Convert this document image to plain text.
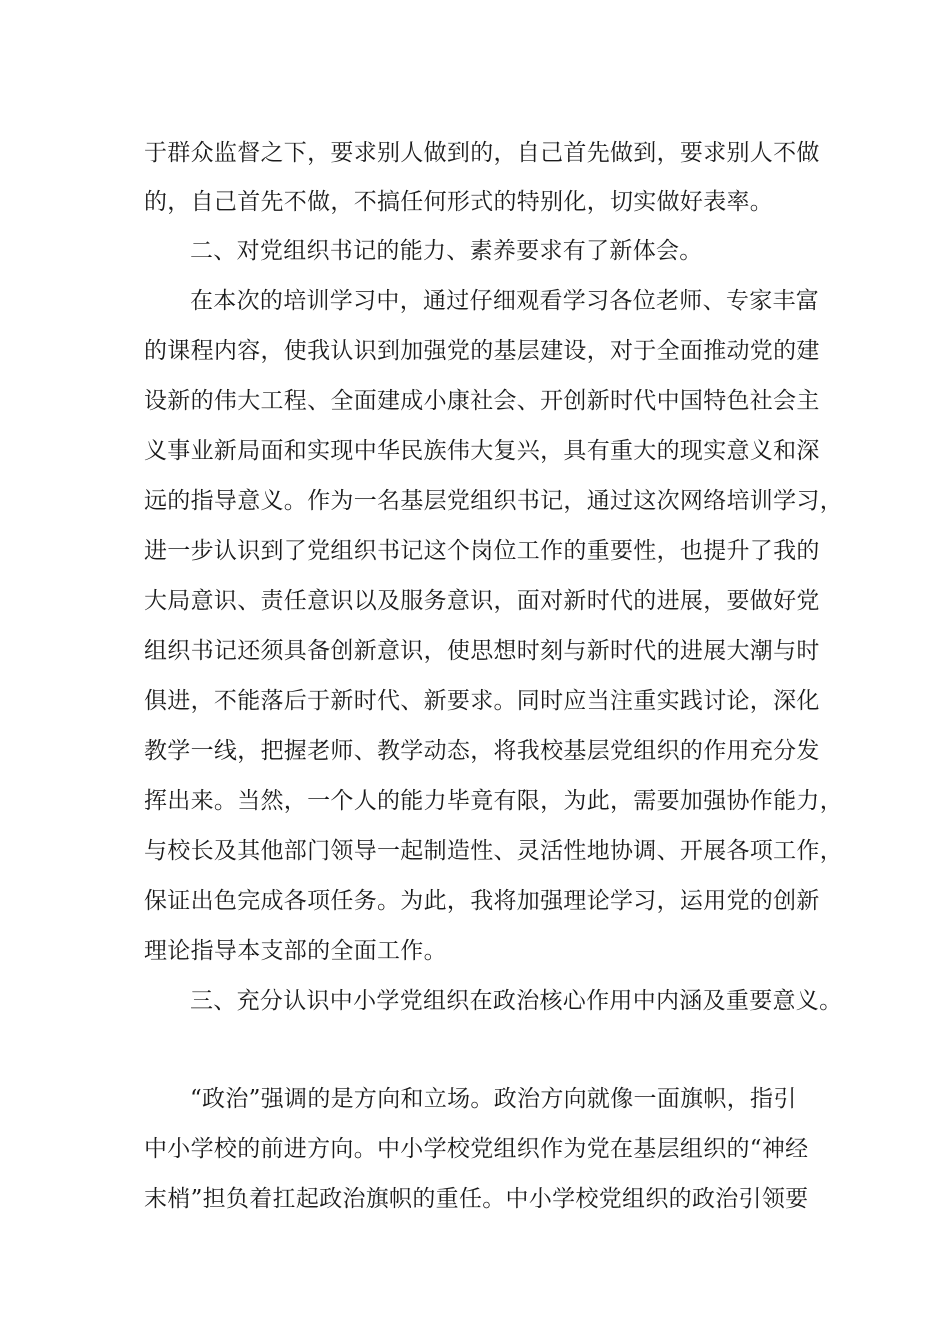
于群众监督之下，要求别人做到的，自己首先做到，要求别人不做
的，自己首先不做，不搞任何形式的特别化，切实做好表率。
二、对党组织书记的能力、素养要求有了新体会。
在本次的培训学习中，通过仔细观看学习各位老师、专家丰富
的课程内容，使我认识到加强党的基层建设，对于全面推动党的建
设新的伟大工程、全面建成小康社会、开创新时代中国特色社会主
义事业新局面和实现中华民族伟大复兴，具有重大的现实意义和深
远的指导意义。作为一名基层党组织书记，通过这次网络培训学习，
进一步认识到了党组织书记这个岗位工作的重要性，也提升了我的
大局意识、责任意识以及服务意识，面对新时代的进展，要做好党
组织书记还须具备创新意识，使思想时刻与新时代的进展大潮与时
俱进，不能落后于新时代、新要求。同时应当注重实践讨论，深化
教学一线，把握老师、教学动态，将我校基层党组织的作用充分发
挥出来。当然，一个人的能力毕竟有限，为此，需要加强协作能力，
与校长及其他部门领导一起制造性、灵活性地协调、开展各项工作，
保证出色完成各项任务。为此，我将加强理论学习，运用党的创新
理论指导本支部的全面工作。
三、充分认识中小学党组织在政治核心作用中内涵及重要意义。
“政治”强调的是方向和立场。政治方向就像一面旗帜，指引
中小学校的前进方向。中小学校党组织作为党在基层组织的“神经
末梢”担负着扛起政治旗帜的重任。中小学校党组织的政治引领要
